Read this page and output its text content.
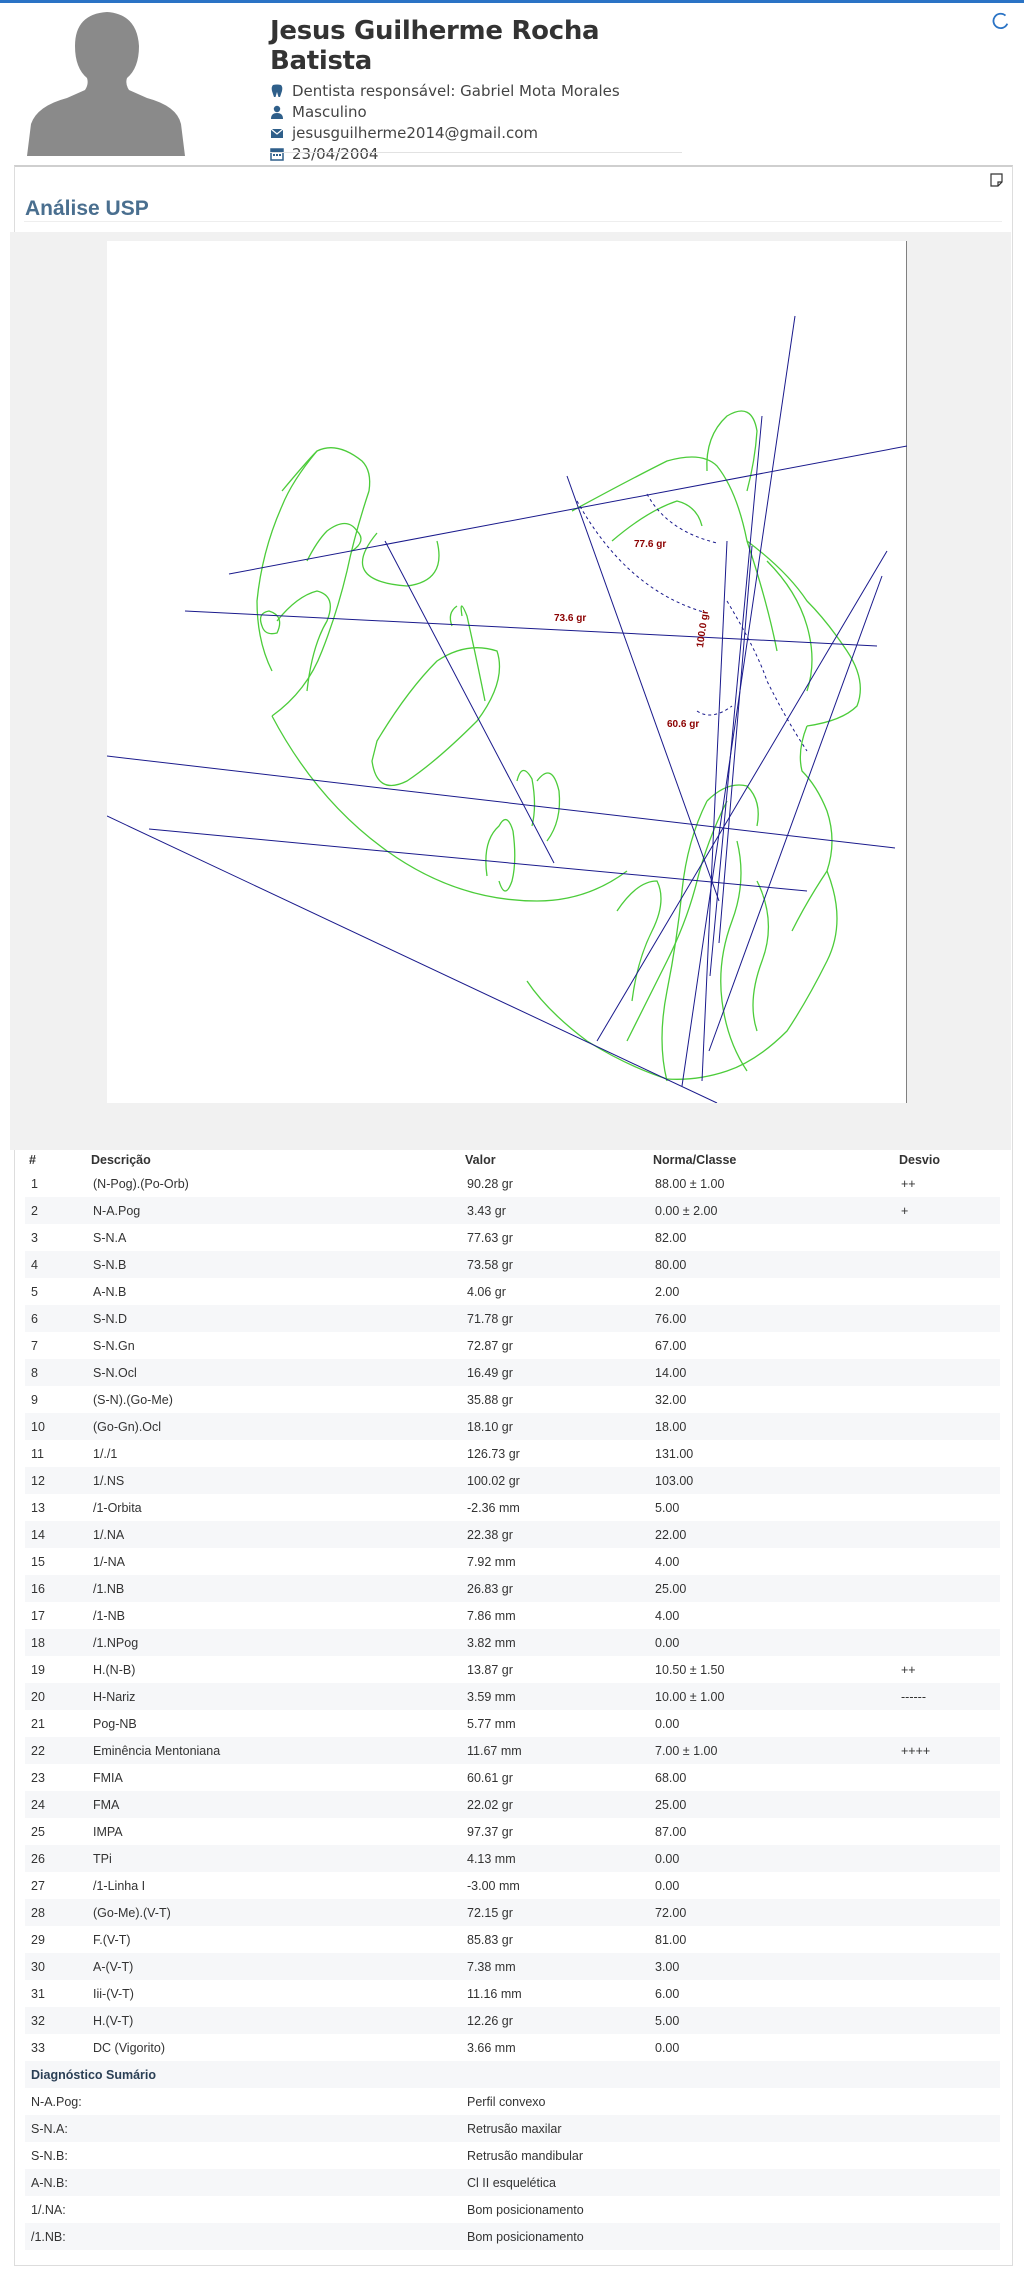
Jesus Guilherme Rocha Batista
Dentista responsável: Gabriel Mota Morales
Masculino
jesusguilherme2014@gmail.com
23/04/2004
Análise USP
77.6 gr
73.6 gr	100.0 gr
60.6 gr
#	Descrição	Valor	Norma/Classe	Desvio
1	(N-Pog).(Po-Orb)	90.28 gr	88.00 ± 1.00	++
2	N-A.Pog	3.43 gr	0.00 ± 2.00	+
3	S-N.A	77.63 gr	82.00	
4	S-N.B	73.58 gr	80.00	
5	A-N.B	4.06 gr	2.00	
6	S-N.D	71.78 gr	76.00	
7	S-N.Gn	72.87 gr	67.00	
8	S-N.Ocl	16.49 gr	14.00	
9	(S-N).(Go-Me)	35.88 gr	32.00	
10	(Go-Gn).Ocl	18.10 gr	18.00	
11	1/./1	126.73 gr	131.00	
12	1/.NS	100.02 gr	103.00	
13	/1-Orbita	-2.36 mm	5.00	
14	1/.NA	22.38 gr	22.00	
15	1/-NA	7.92 mm	4.00	
16	/1.NB	26.83 gr	25.00	
17	/1-NB	7.86 mm	4.00	
18	/1.NPog	3.82 mm	0.00	
19	H.(N-B)	13.87 gr	10.50 ± 1.50	++
20	H-Nariz	3.59 mm	10.00 ± 1.00	------
21	Pog-NB	5.77 mm	0.00	
22	Eminência Mentoniana	11.67 mm	7.00 ± 1.00	++++
23	FMIA	60.61 gr	68.00	
24	FMA	22.02 gr	25.00	
25	IMPA	97.37 gr	87.00	
26	TPi	4.13 mm	0.00	
27	/1-Linha I	-3.00 mm	0.00	
28	(Go-Me).(V-T)	72.15 gr	72.00	
29	F.(V-T)	85.83 gr	81.00	
30	A-(V-T)	7.38 mm	3.00	
31	Iii-(V-T)	11.16 mm	6.00	
32	H.(V-T)	12.26 gr	5.00	
33	DC (Vigorito)	3.66 mm	0.00	
Diagnóstico Sumário				
N-A.Pog:		Perfil convexo		
S-N.A:		Retrusão maxilar		
S-N.B:		Retrusão mandibular		
A-N.B:		Cl II esquelética		
1/.NA:		Bom posicionamento		
/1.NB:		Bom posicionamento		
